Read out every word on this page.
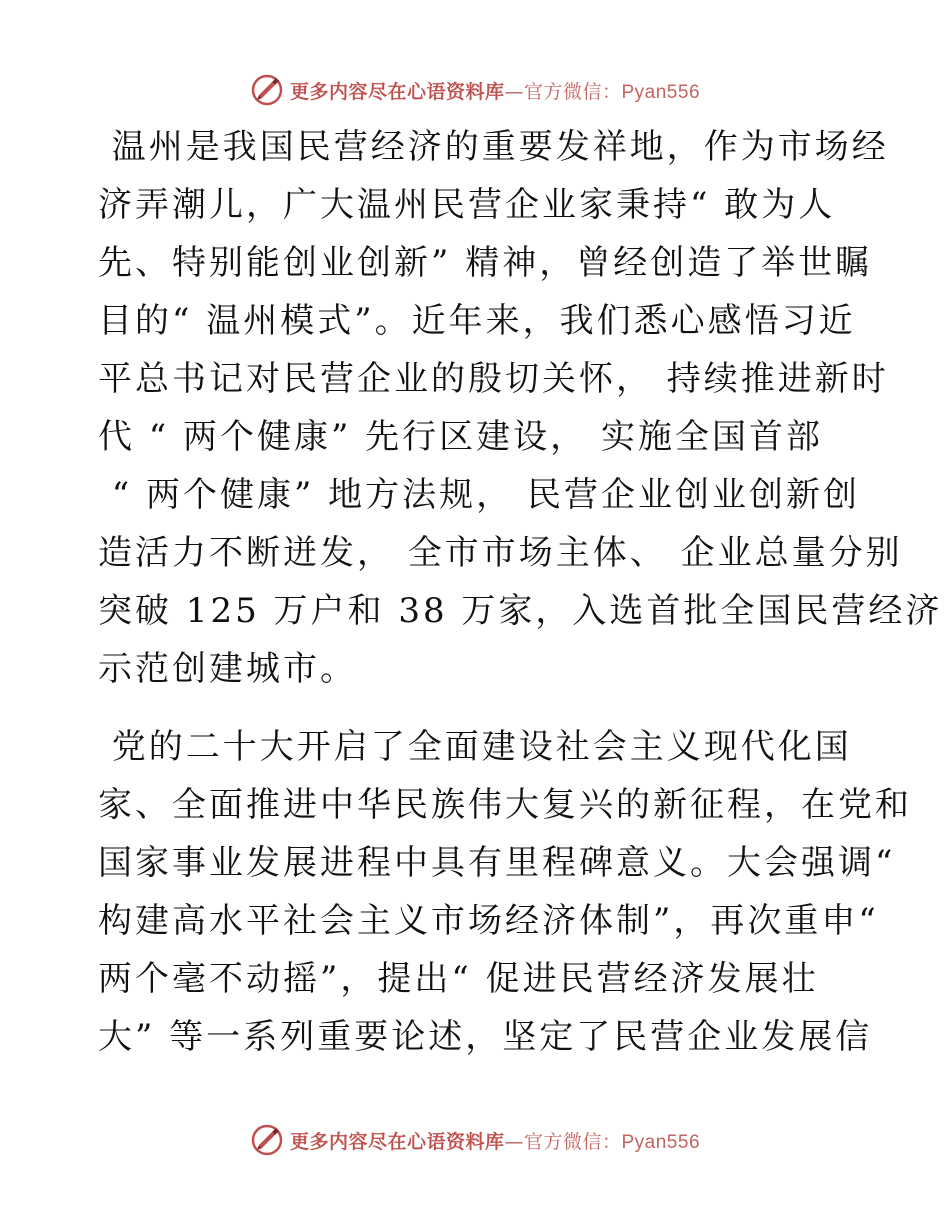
更多内容尽在心语资料库—官方微信：Pyan556
温州是我国民营经济的重要发祥地，作为市场经
济弄潮儿，广大温州民营企业家秉持“ 敢为人
先、特别能创业创新” 精神，曾经创造了举世瞩
目的“ 温州模式”。近年来，我们悉心感悟习近
平总书记对民营企业的殷切关怀， 持续推进新时
代 “ 两个健康” 先行区建设， 实施全国首部
“ 两个健康” 地方法规， 民营企业创业创新创
造活力不断迸发， 全市市场主体、 企业总量分别
突破 125 万户和 38 万家，入选首批全国民营经济
示范创建城市。
党的二十大开启了全面建设社会主义现代化国
家、全面推进中华民族伟大复兴的新征程，在党和
国家事业发展进程中具有里程碑意义。大会强调“
构建高水平社会主义市场经济体制”，再次重申“
两个毫不动摇”，提出“ 促进民营经济发展壮
大” 等一系列重要论述，坚定了民营企业发展信
更多内容尽在心语资料库—官方微信：Pyan556
